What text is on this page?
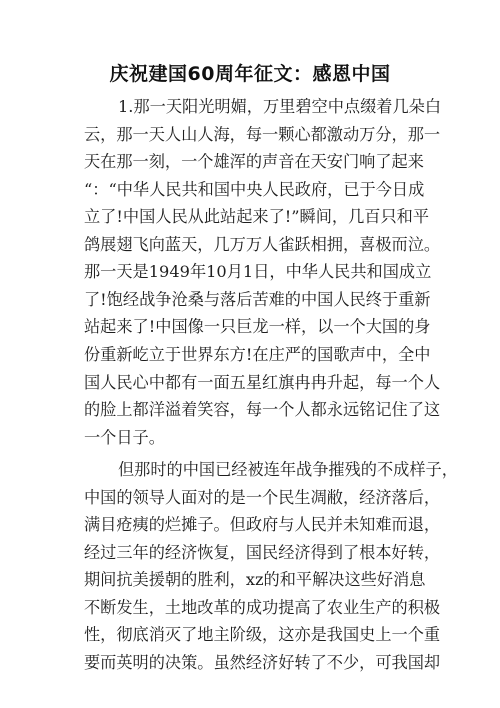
庆祝建国60周年征文：感恩中国
1.那一天阳光明媚，万里碧空中点缀着几朵白
云，那一天人山人海，每一颗心都激动万分，那一
天在那一刻，一个雄浑的声音在天安门响了起来
“：“中华人民共和国中央人民政府，已于今日成
立了!中国人民从此站起来了!”瞬间，几百只和平
鸽展翅飞向蓝天，几万万人雀跃相拥，喜极而泣。
那一天是1949年10月1日，中华人民共和国成立
了!饱经战争沧桑与落后苦难的中国人民终于重新
站起来了!中国像一只巨龙一样，以一个大国的身
份重新屹立于世界东方!在庄严的国歌声中，全中
国人民心中都有一面五星红旗冉冉升起，每一个人
的脸上都洋溢着笑容，每一个人都永远铭记住了这
一个日子。
但那时的中国已经被连年战争摧残的不成样子，
中国的领导人面对的是一个民生凋敝，经济落后，
满目疮痍的烂摊子。但政府与人民并未知难而退，
经过三年的经济恢复，国民经济得到了根本好转，
期间抗美援朝的胜利，xz的和平解决这些好消息
不断发生，土地改革的成功提高了农业生产的积极
性，彻底消灭了地主阶级，这亦是我国史上一个重
要而英明的决策。虽然经济好转了不少，可我国却
